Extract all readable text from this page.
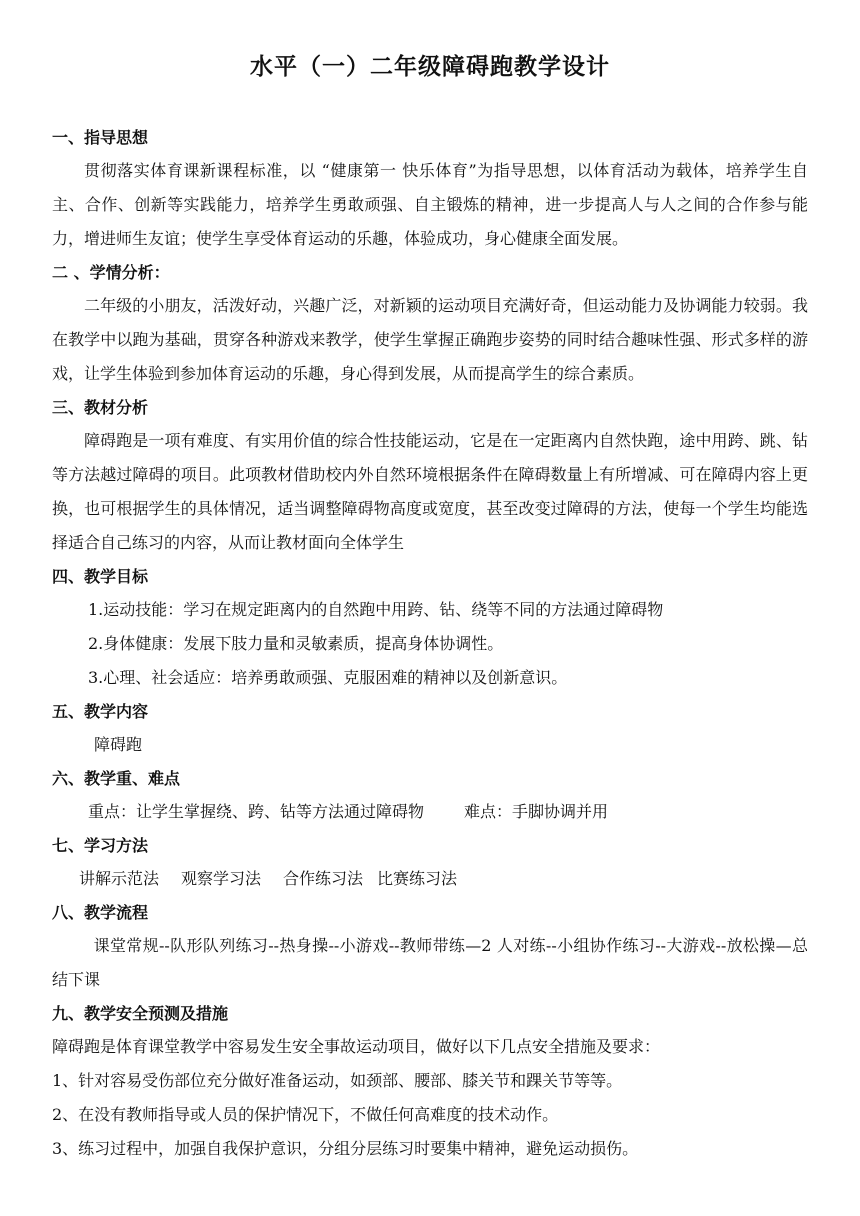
水平（一）二年级障碍跑教学设计

一、指导思想

贯彻落实体育课新课程标准，以 “健康第一 快乐体育”为指导思想，以体育活动为载体，培养学生自主、合作、创新等实践能力，培养学生勇敢顽强、自主锻炼的精神，进一步提高人与人之间的合作参与能力，增进师生友谊；使学生享受体育运动的乐趣，体验成功，身心健康全面发展。

二 、学情分析：

二年级的小朋友，活泼好动，兴趣广泛，对新颖的运动项目充满好奇，但运动能力及协调能力较弱。我在教学中以跑为基础，贯穿各种游戏来教学，使学生掌握正确跑步姿势的同时结合趣味性强、形式多样的游戏，让学生体验到参加体育运动的乐趣，身心得到发展，从而提高学生的综合素质。

三、教材分析

障碍跑是一项有难度、有实用价值的综合性技能运动，它是在一定距离内自然快跑，途中用跨、跳、钻等方法越过障碍的项目。此项教材借助校内外自然环境根据条件在障碍数量上有所增减、可在障碍内容上更换，也可根据学生的具体情况，适当调整障碍物高度或宽度，甚至改变过障碍的方法，使每一个学生均能选择适合自己练习的内容，从而让教材面向全体学生

四、教学目标

1.运动技能：学习在规定距离内的自然跑中用跨、钻、绕等不同的方法通过障碍物

2.身体健康：发展下肢力量和灵敏素质，提高身体协调性。

3.心理、社会适应：培养勇敢顽强、克服困难的精神以及创新意识。

五、教学内容

障碍跑

六、教学重、难点

重点：让学生掌握绕、跨、钻等方法通过障碍物	难点：手脚协调并用

七、学习方法

讲解示范法 观察学习法 合作练习法 比赛练习法

八、教学流程

课堂常规--队形队列练习--热身操--小游戏--教师带练—2 人对练--小组协作练习--大游戏--放松操—总结下课

九、教学安全预测及措施

障碍跑是体育课堂教学中容易发生安全事故运动项目，做好以下几点安全措施及要求：

1、针对容易受伤部位充分做好准备运动，如颈部、腰部、膝关节和踝关节等等。

2、在没有教师指导或人员的保护情况下，不做任何高难度的技术动作。

3、练习过程中，加强自我保护意识，分组分层练习时要集中精神，避免运动损伤。
